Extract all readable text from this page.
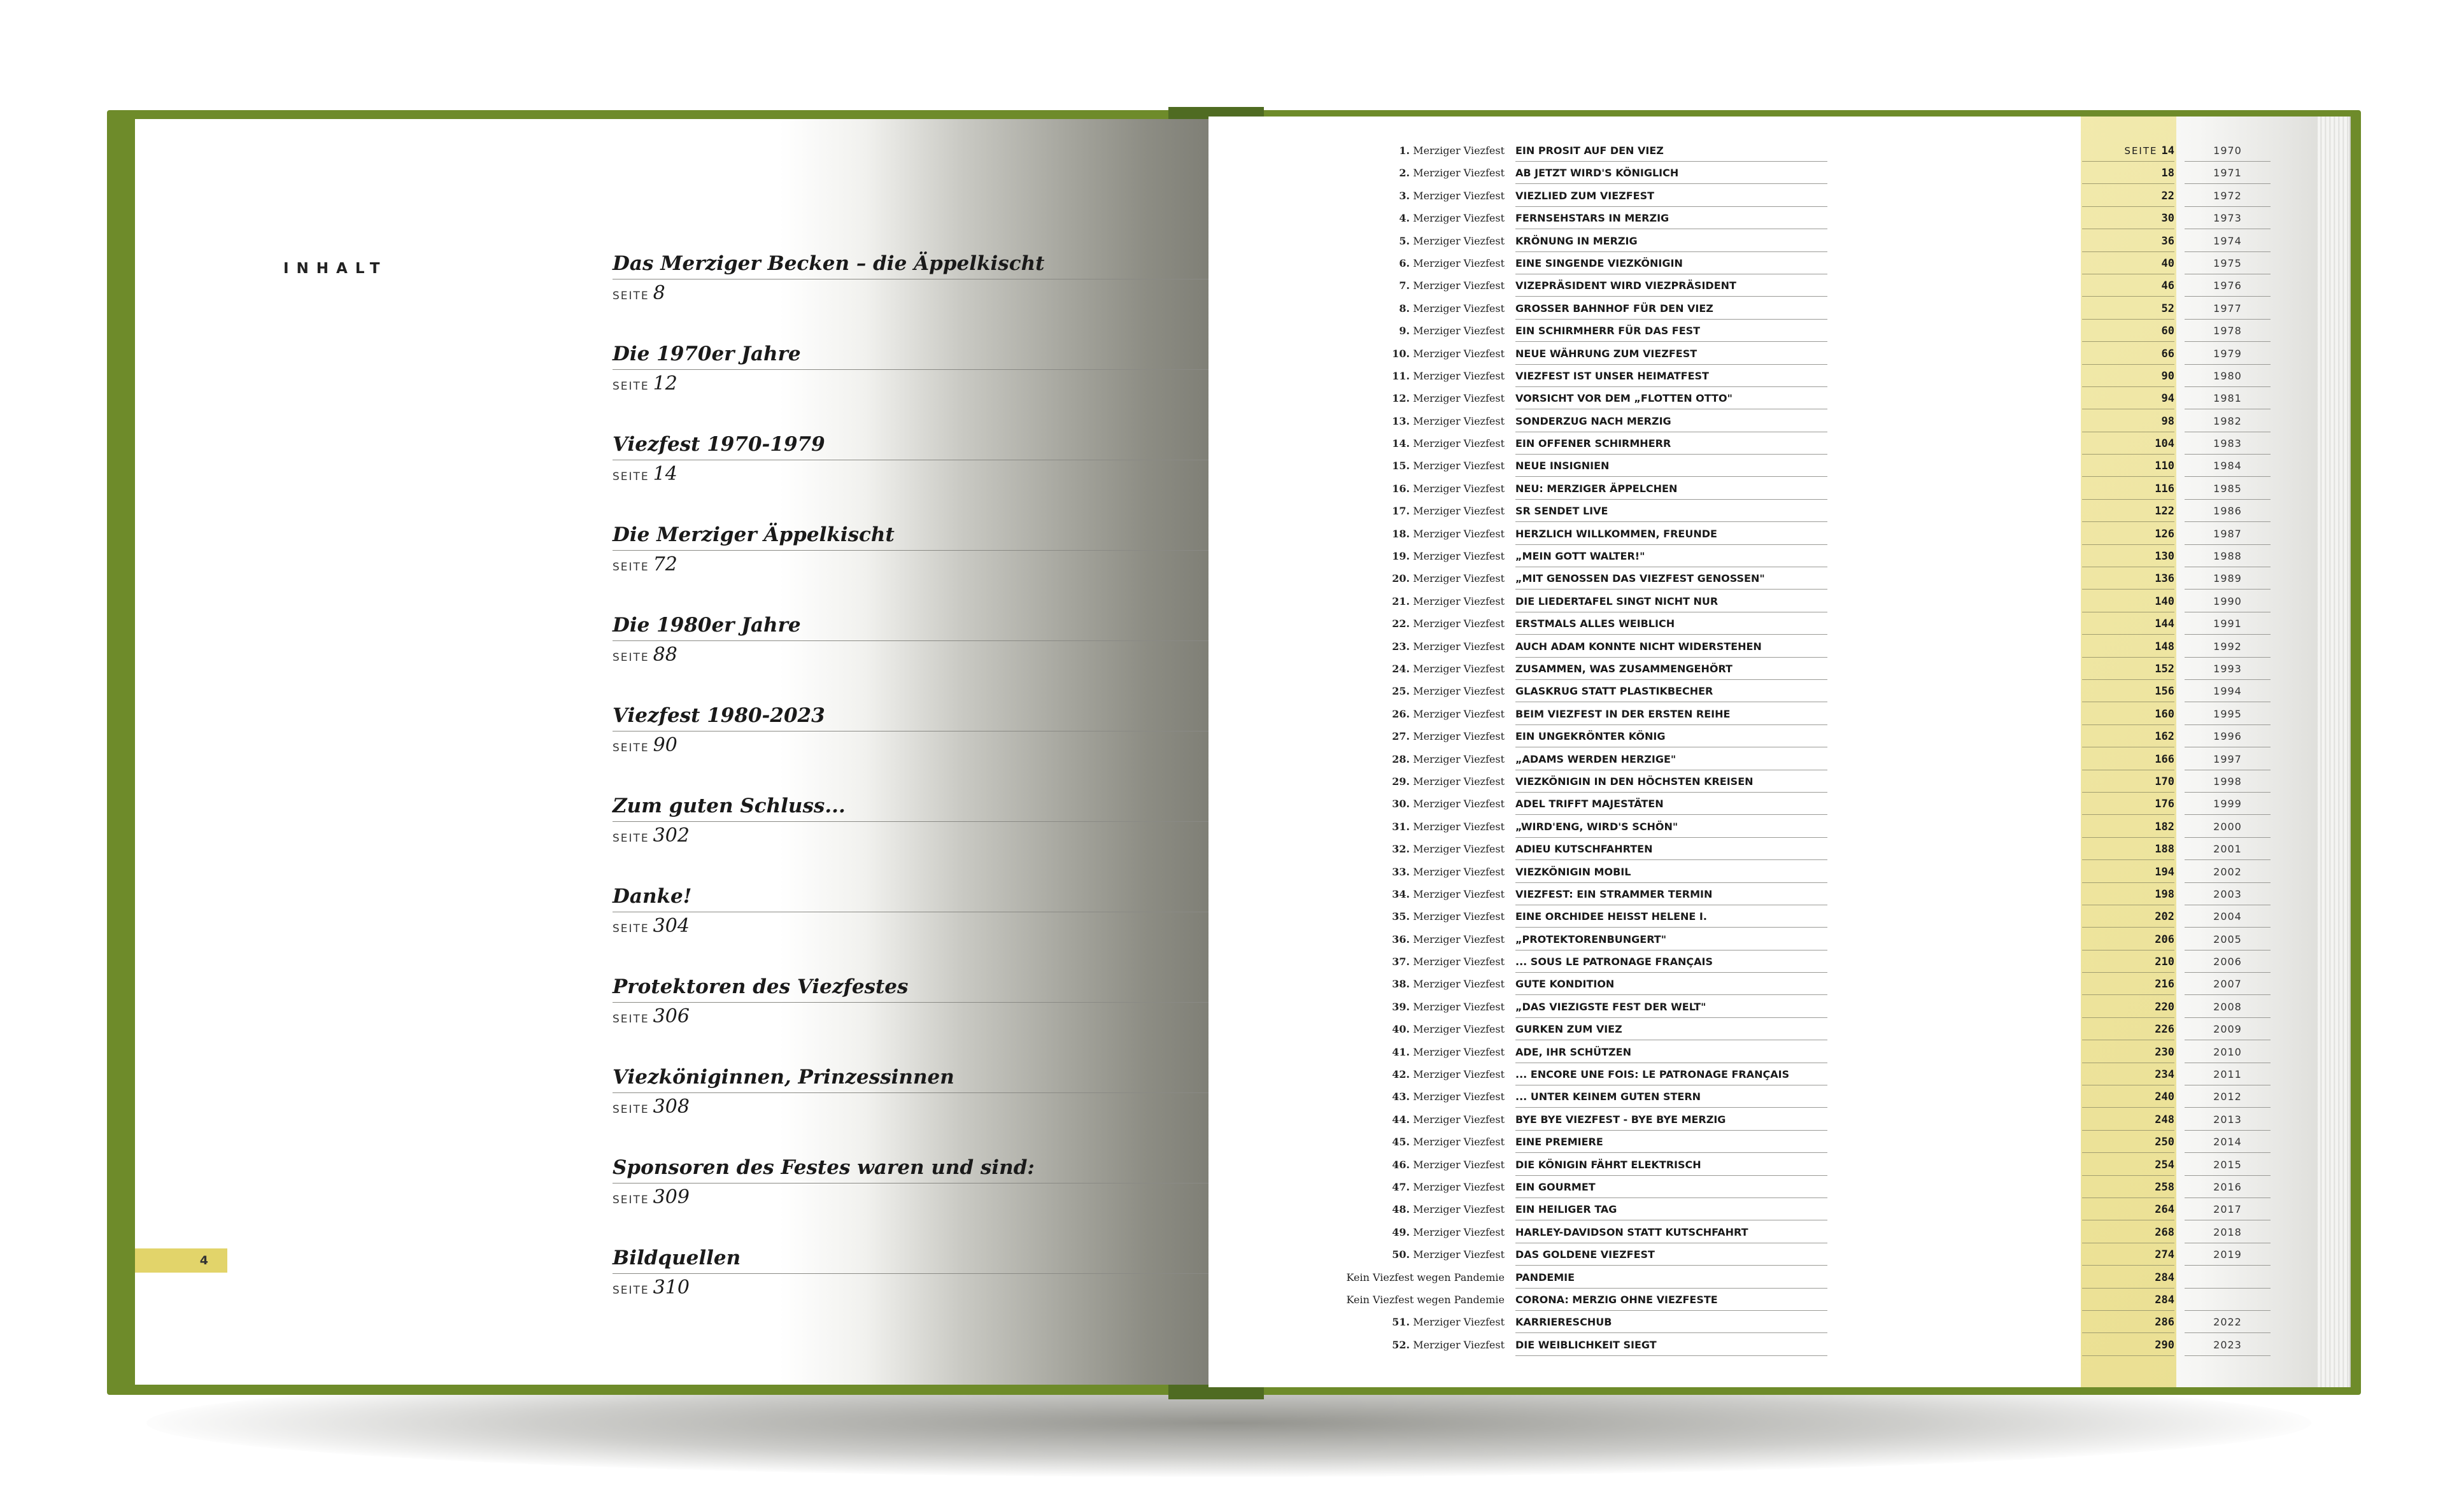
INHALT	Das Merziger Becken – die Äppelkischt
SEITE 8
Die 1970er Jahre
SEITE 12
Viezfest 1970-1979
SEITE 14
Die Merziger Äppelkischt
SEITE 72
Die 1980er Jahre
SEITE 88
Viezfest 1980-2023
SEITE 90
Zum guten Schluss...
SEITE 302
Danke!
SEITE 304
Protektoren des Viezfestes
SEITE 306
Viezköniginnen, Prinzessinnen
SEITE 308
Sponsoren des Festes waren und sind:
SEITE 309
Bildquellen
SEITE 310
4
1. Merziger Viezfest EIN PROSIT AUF DEN VIEZ	SEITE 14	1970
2. Merziger Viezfest AB JETZT WIRD'S KÖNIGLICH	18	1971
3. Merziger Viezfest VIEZLIED ZUM VIEZFEST	22	1972
4. Merziger Viezfest FERNSEHSTARS IN MERZIG	30	1973
5. Merziger Viezfest KRÖNUNG IN MERZIG	36	1974
6. Merziger Viezfest EINE SINGENDE VIEZKÖNIGIN	40	1975
7. Merziger Viezfest VIZEPRÄSIDENT WIRD VIEZPRÄSIDENT	46	1976
8. Merziger Viezfest GROSSER BAHNHOF FÜR DEN VIEZ	52	1977
9. Merziger Viezfest EIN SCHIRMHERR FÜR DAS FEST	60	1978
10. Merziger Viezfest NEUE WÄHRUNG ZUM VIEZFEST	66	1979
11. Merziger Viezfest VIEZFEST IST UNSER HEIMATFEST	90	1980
12. Merziger Viezfest VORSICHT VOR DEM „FLOTTEN OTTO"	94	1981
13. Merziger Viezfest SONDERZUG NACH MERZIG	98	1982
14. Merziger Viezfest EIN OFFENER SCHIRMHERR	104	1983
15. Merziger Viezfest NEUE INSIGNIEN	110	1984
16. Merziger Viezfest NEU: MERZIGER ÄPPELCHEN	116	1985
17. Merziger Viezfest SR SENDET LIVE	122	1986
18. Merziger Viezfest HERZLICH WILLKOMMEN, FREUNDE	126	1987
19. Merziger Viezfest „MEIN GOTT WALTER!"	130	1988
20. Merziger Viezfest „MIT GENOSSEN DAS VIEZFEST GENOSSEN"	136	1989
21. Merziger Viezfest DIE LIEDERTAFEL SINGT NICHT NUR	140	1990
22. Merziger Viezfest ERSTMALS ALLES WEIBLICH	144	1991
23. Merziger Viezfest AUCH ADAM KONNTE NICHT WIDERSTEHEN	148	1992
24. Merziger Viezfest ZUSAMMEN, WAS ZUSAMMENGEHÖRT	152	1993
25. Merziger Viezfest GLASKRUG STATT PLASTIKBECHER	156	1994
26. Merziger Viezfest BEIM VIEZFEST IN DER ERSTEN REIHE	160	1995
27. Merziger Viezfest EIN UNGEKRÖNTER KÖNIG	162	1996
28. Merziger Viezfest „ADAMS WERDEN HERZIGE"	166	1997
29. Merziger Viezfest VIEZKÖNIGIN IN DEN HÖCHSTEN KREISEN	170	1998
30. Merziger Viezfest ADEL TRIFFT MAJESTÄTEN	176	1999
31. Merziger Viezfest „WIRD'ENG, WIRD'S SCHÖN"	182	2000
32. Merziger Viezfest ADIEU KUTSCHFAHRTEN	188	2001
33. Merziger Viezfest VIEZKÖNIGIN MOBIL	194	2002
34. Merziger Viezfest VIEZFEST: EIN STRAMMER TERMIN	198	2003
35. Merziger Viezfest EINE ORCHIDEE HEISST HELENE I.	202	2004
36. Merziger Viezfest „PROTEKTORENBUNGERT"	206	2005
37. Merziger Viezfest ... SOUS LE PATRONAGE FRANÇAIS	210	2006
38. Merziger Viezfest GUTE KONDITION	216	2007
39. Merziger Viezfest „DAS VIEZIGSTE FEST DER WELT"	220	2008
40. Merziger Viezfest GURKEN ZUM VIEZ	226	2009
41. Merziger Viezfest ADE, IHR SCHÜTZEN	230	2010
42. Merziger Viezfest ... ENCORE UNE FOIS: LE PATRONAGE FRANÇAIS	234	2011
43. Merziger Viezfest ... UNTER KEINEM GUTEN STERN	240	2012
44. Merziger Viezfest BYE BYE VIEZFEST - BYE BYE MERZIG	248	2013
45. Merziger Viezfest EINE PREMIERE	250	2014
46. Merziger Viezfest DIE KÖNIGIN FÄHRT ELEKTRISCH	254	2015
47. Merziger Viezfest EIN GOURMET	258	2016
48. Merziger Viezfest EIN HEILIGER TAG	264	2017
49. Merziger Viezfest HARLEY-DAVIDSON STATT KUTSCHFAHRT	268	2018
50. Merziger Viezfest DAS GOLDENE VIEZFEST	274	2019
Kein Viezfest wegen Pandemie PANDEMIE	284
Kein Viezfest wegen Pandemie CORONA: MERZIG OHNE VIEZFESTE	284
51. Merziger Viezfest KARRIERESCHUB	286	2022
52. Merziger Viezfest DIE WEIBLICHKEIT SIEGT	290	2023
